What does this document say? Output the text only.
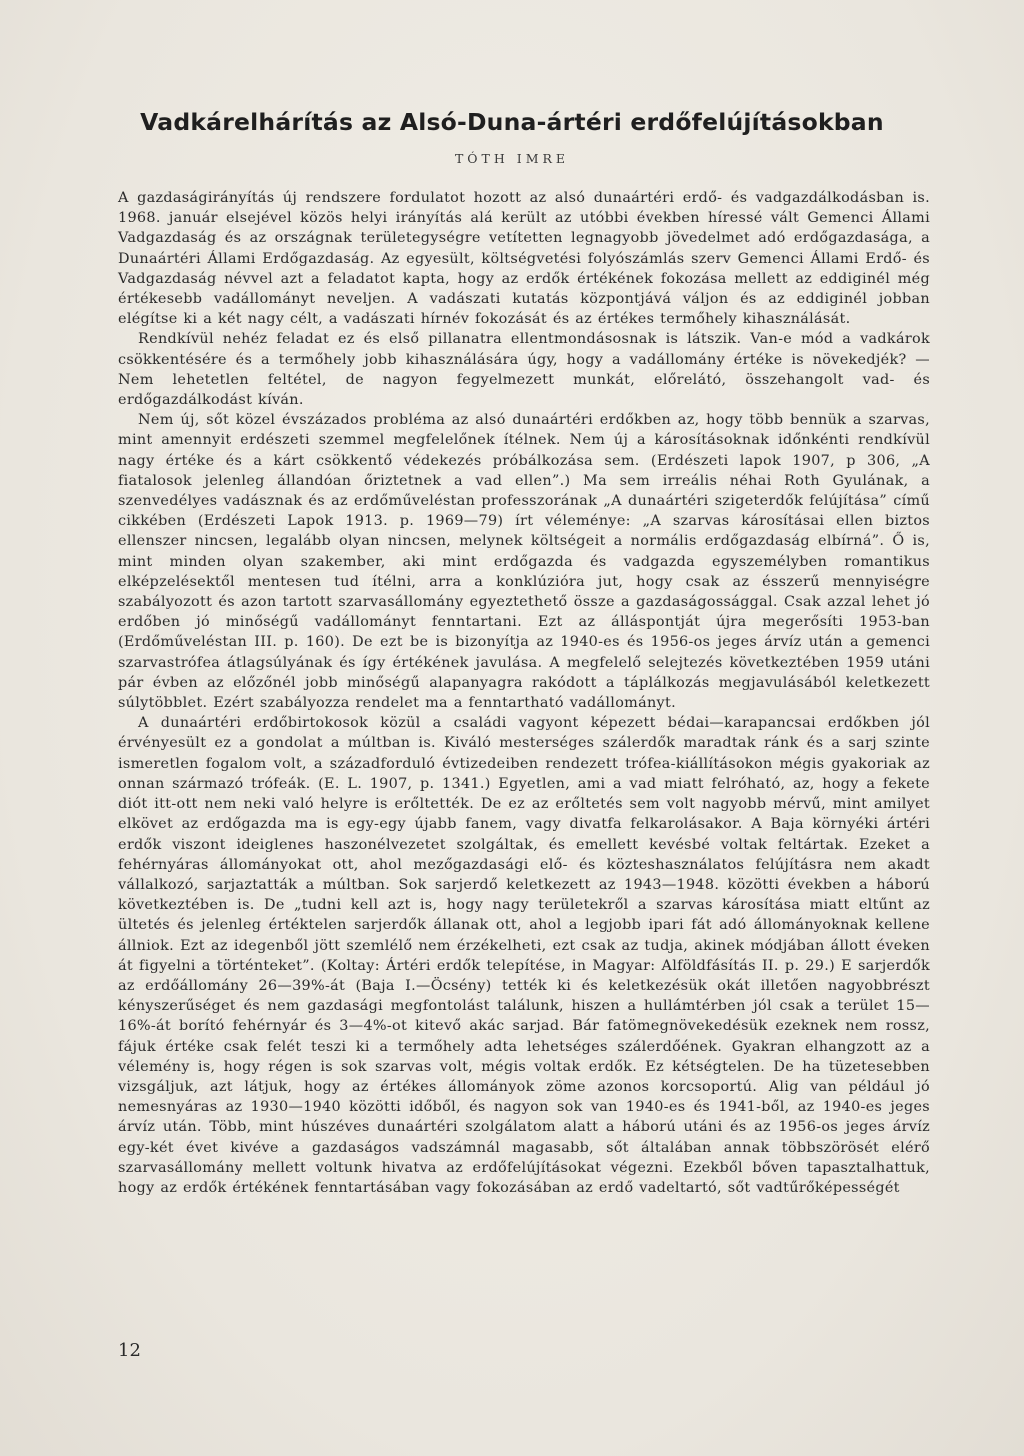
Vadkárelhárítás az Alsó-Duna-ártéri erdőfelújításokban
TÓTH IMRE

A gazdaságirányítás új rendszere fordulatot hozott az alsó dunaártéri erdő- és vadgazdálkodásban is. 1968. január elsejével közös helyi irányítás alá került az utóbbi években híressé vált Gemenci Állami Vadgazdaság és az országnak területegységre vetítetten legnagyobb jövedelmet adó erdőgazdasága, a Dunaártéri Állami Erdőgazdaság. Az egyesült, költségvetési folyószámlás szerv Gemenci Állami Erdő- és Vadgazdaság névvel azt a feladatot kapta, hogy az erdők értékének fokozása mellett az eddiginél még értékesebb vadállományt neveljen. A vadászati kutatás központjává váljon és az eddiginél jobban elégítse ki a két nagy célt, a vadászati hírnév fokozását és az értékes termőhely kihasználását.

Rendkívül nehéz feladat ez és első pillanatra ellentmondásosnak is látszik. Van-e mód a vadkárok csökkentésére és a termőhely jobb kihasználására úgy, hogy a vadállomány értéke is növekedjék? — Nem lehetetlen feltétel, de nagyon fegyelmezett munkát, előrelátó, összehangolt vad- és erdőgazdálkodást kíván.

Nem új, sőt közel évszázados probléma az alsó dunaártéri erdőkben az, hogy több bennük a szarvas, mint amennyit erdészeti szemmel megfelelőnek ítélnek. Nem új a károsításoknak időnkénti rendkívül nagy értéke és a kárt csökkentő védekezés próbálkozása sem. (Erdészeti lapok 1907, p 306, „A fiatalosok jelenleg állandóan őriztetnek a vad ellen”.) Ma sem irreális néhai Roth Gyulának, a szenvedélyes vadásznak és az erdőműveléstan professzorának „A dunaártéri szigeterdők felújítása” című cikkében (Erdészeti Lapok 1913. p. 1969—79) írt véleménye: „A szarvas károsításai ellen biztos ellenszer nincsen, legalább olyan nincsen, melynek költségeit a normális erdőgazdaság elbírná”. Ő is, mint minden olyan szakember, aki mint erdőgazda és vadgazda egyszemélyben romantikus elképzelésektől mentesen tud ítélni, arra a konklúzióra jut, hogy csak az ésszerű mennyiségre szabályozott és azon tartott szarvasállomány egyeztethető össze a gazdaságossággal. Csak azzal lehet jó erdőben jó minőségű vadállományt fenntartani. Ezt az álláspontját újra megerősíti 1953-ban (Erdőműveléstan III. p. 160). De ezt be is bizonyítja az 1940-es és 1956-os jeges árvíz után a gemenci szarvastrófea átlagsúlyának és így értékének javulása. A megfelelő selejtezés következtében 1959 utáni pár évben az előzőnél jobb minőségű alapanyagra rakódott a táplálkozás megjavulásából keletkezett súlytöbblet. Ezért szabályozza rendelet ma a fenntartható vadállományt.

A dunaártéri erdőbirtokosok közül a családi vagyont képezett bédai—karapancsai erdőkben jól érvényesült ez a gondolat a múltban is. Kiváló mesterséges szálerdők maradtak ránk és a sarj szinte ismeretlen fogalom volt, a századforduló évtizedeiben rendezett trófea-kiállításokon mégis gyakoriak az onnan származó trófeák. (E. L. 1907, p. 1341.) Egyetlen, ami a vad miatt felróható, az, hogy a fekete diót itt-ott nem neki való helyre is erőltették. De ez az erőltetés sem volt nagyobb mérvű, mint amilyet elkövet az erdőgazda ma is egy-egy újabb fanem, vagy divatfa felkarolásakor. A Baja környéki ártéri erdők viszont ideiglenes haszonélvezetet szolgáltak, és emellett kevésbé voltak feltártak. Ezeket a fehérnyáras állományokat ott, ahol mezőgazdasági elő- és közteshasználatos felújításra nem akadt vállalkozó, sarjaztatták a múltban. Sok sarjerdő keletkezett az 1943—1948. közötti években a háború következtében is. De „tudni kell azt is, hogy nagy területekről a szarvas károsítása miatt eltűnt az ültetés és jelenleg értéktelen sarjerdők állanak ott, ahol a legjobb ipari fát adó állományoknak kellene állniok. Ezt az idegenből jött szemlélő nem érzékelheti, ezt csak az tudja, akinek módjában állott éveken át figyelni a történteket”. (Koltay: Ártéri erdők telepítése, in Magyar: Alföldfásítás II. p. 29.) E sarjerdők az erdőállomány 26—39%-át (Baja I.—Öcsény) tették ki és keletkezésük okát illetően nagyobbrészt kényszerűséget és nem gazdasági megfontolást találunk, hiszen a hullámtérben jól csak a terület 15—16%-át borító fehérnyár és 3—4%-ot kitevő akác sarjad. Bár fatömegnövekedésük ezeknek nem rossz, fájuk értéke csak felét teszi ki a termőhely adta lehetséges szálerdőének. Gyakran elhangzott az a vélemény is, hogy régen is sok szarvas volt, mégis voltak erdők. Ez kétségtelen. De ha tüzetesebben vizsgáljuk, azt látjuk, hogy az értékes állományok zöme azonos korcsoportú. Alig van például jó nemesnyáras az 1930—1940 közötti időből, és nagyon sok van 1940-es és 1941-ből, az 1940-es jeges árvíz után. Több, mint húszéves dunaártéri szolgálatom alatt a háború utáni és az 1956-os jeges árvíz egy-két évet kivéve a gazdaságos vadszámnál magasabb, sőt általában annak többszörösét elérő szarvasállomány mellett voltunk hivatva az erdőfelújításokat végezni. Ezekből bőven tapasztalhattuk, hogy az erdők értékének fenntartásában vagy fokozásában az erdő vadeltartó, sőt vadtűrőképességét

12
